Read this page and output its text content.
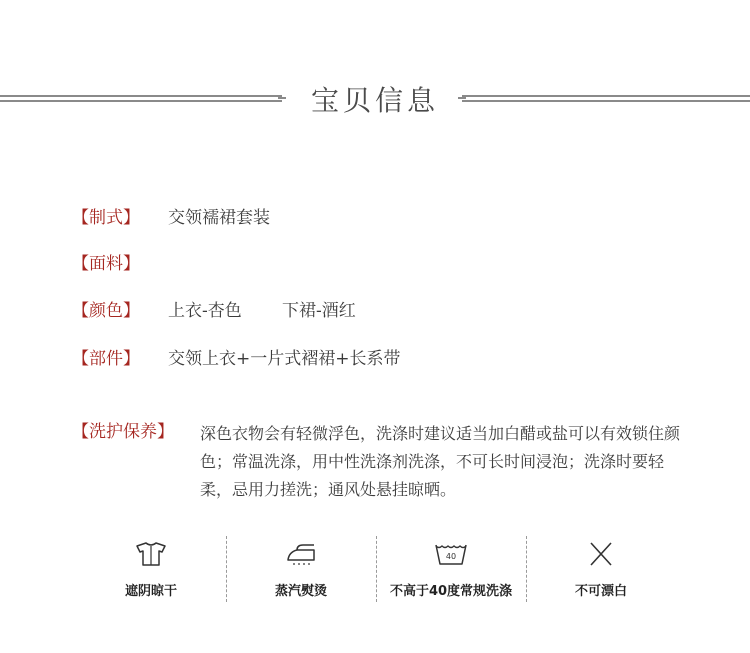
宝贝信息
【制式】 交领襦裙套装
【面料】
【颜色】 上衣-杏色 下裙-酒红
【部件】 交领上衣+一片式褶裙+长系带
【洗护保养】 深色衣物会有轻微浮色，洗涤时建议适当加白醋或盐可以有效锁住颜色；常温洗涤，用中性洗涤剂洗涤，不可长时间浸泡；洗涤时要轻柔，忌用力搓洗；通风处悬挂晾晒。
遮阴晾干	蒸汽熨烫
40
不高于40度常规洗涤	不可漂白
